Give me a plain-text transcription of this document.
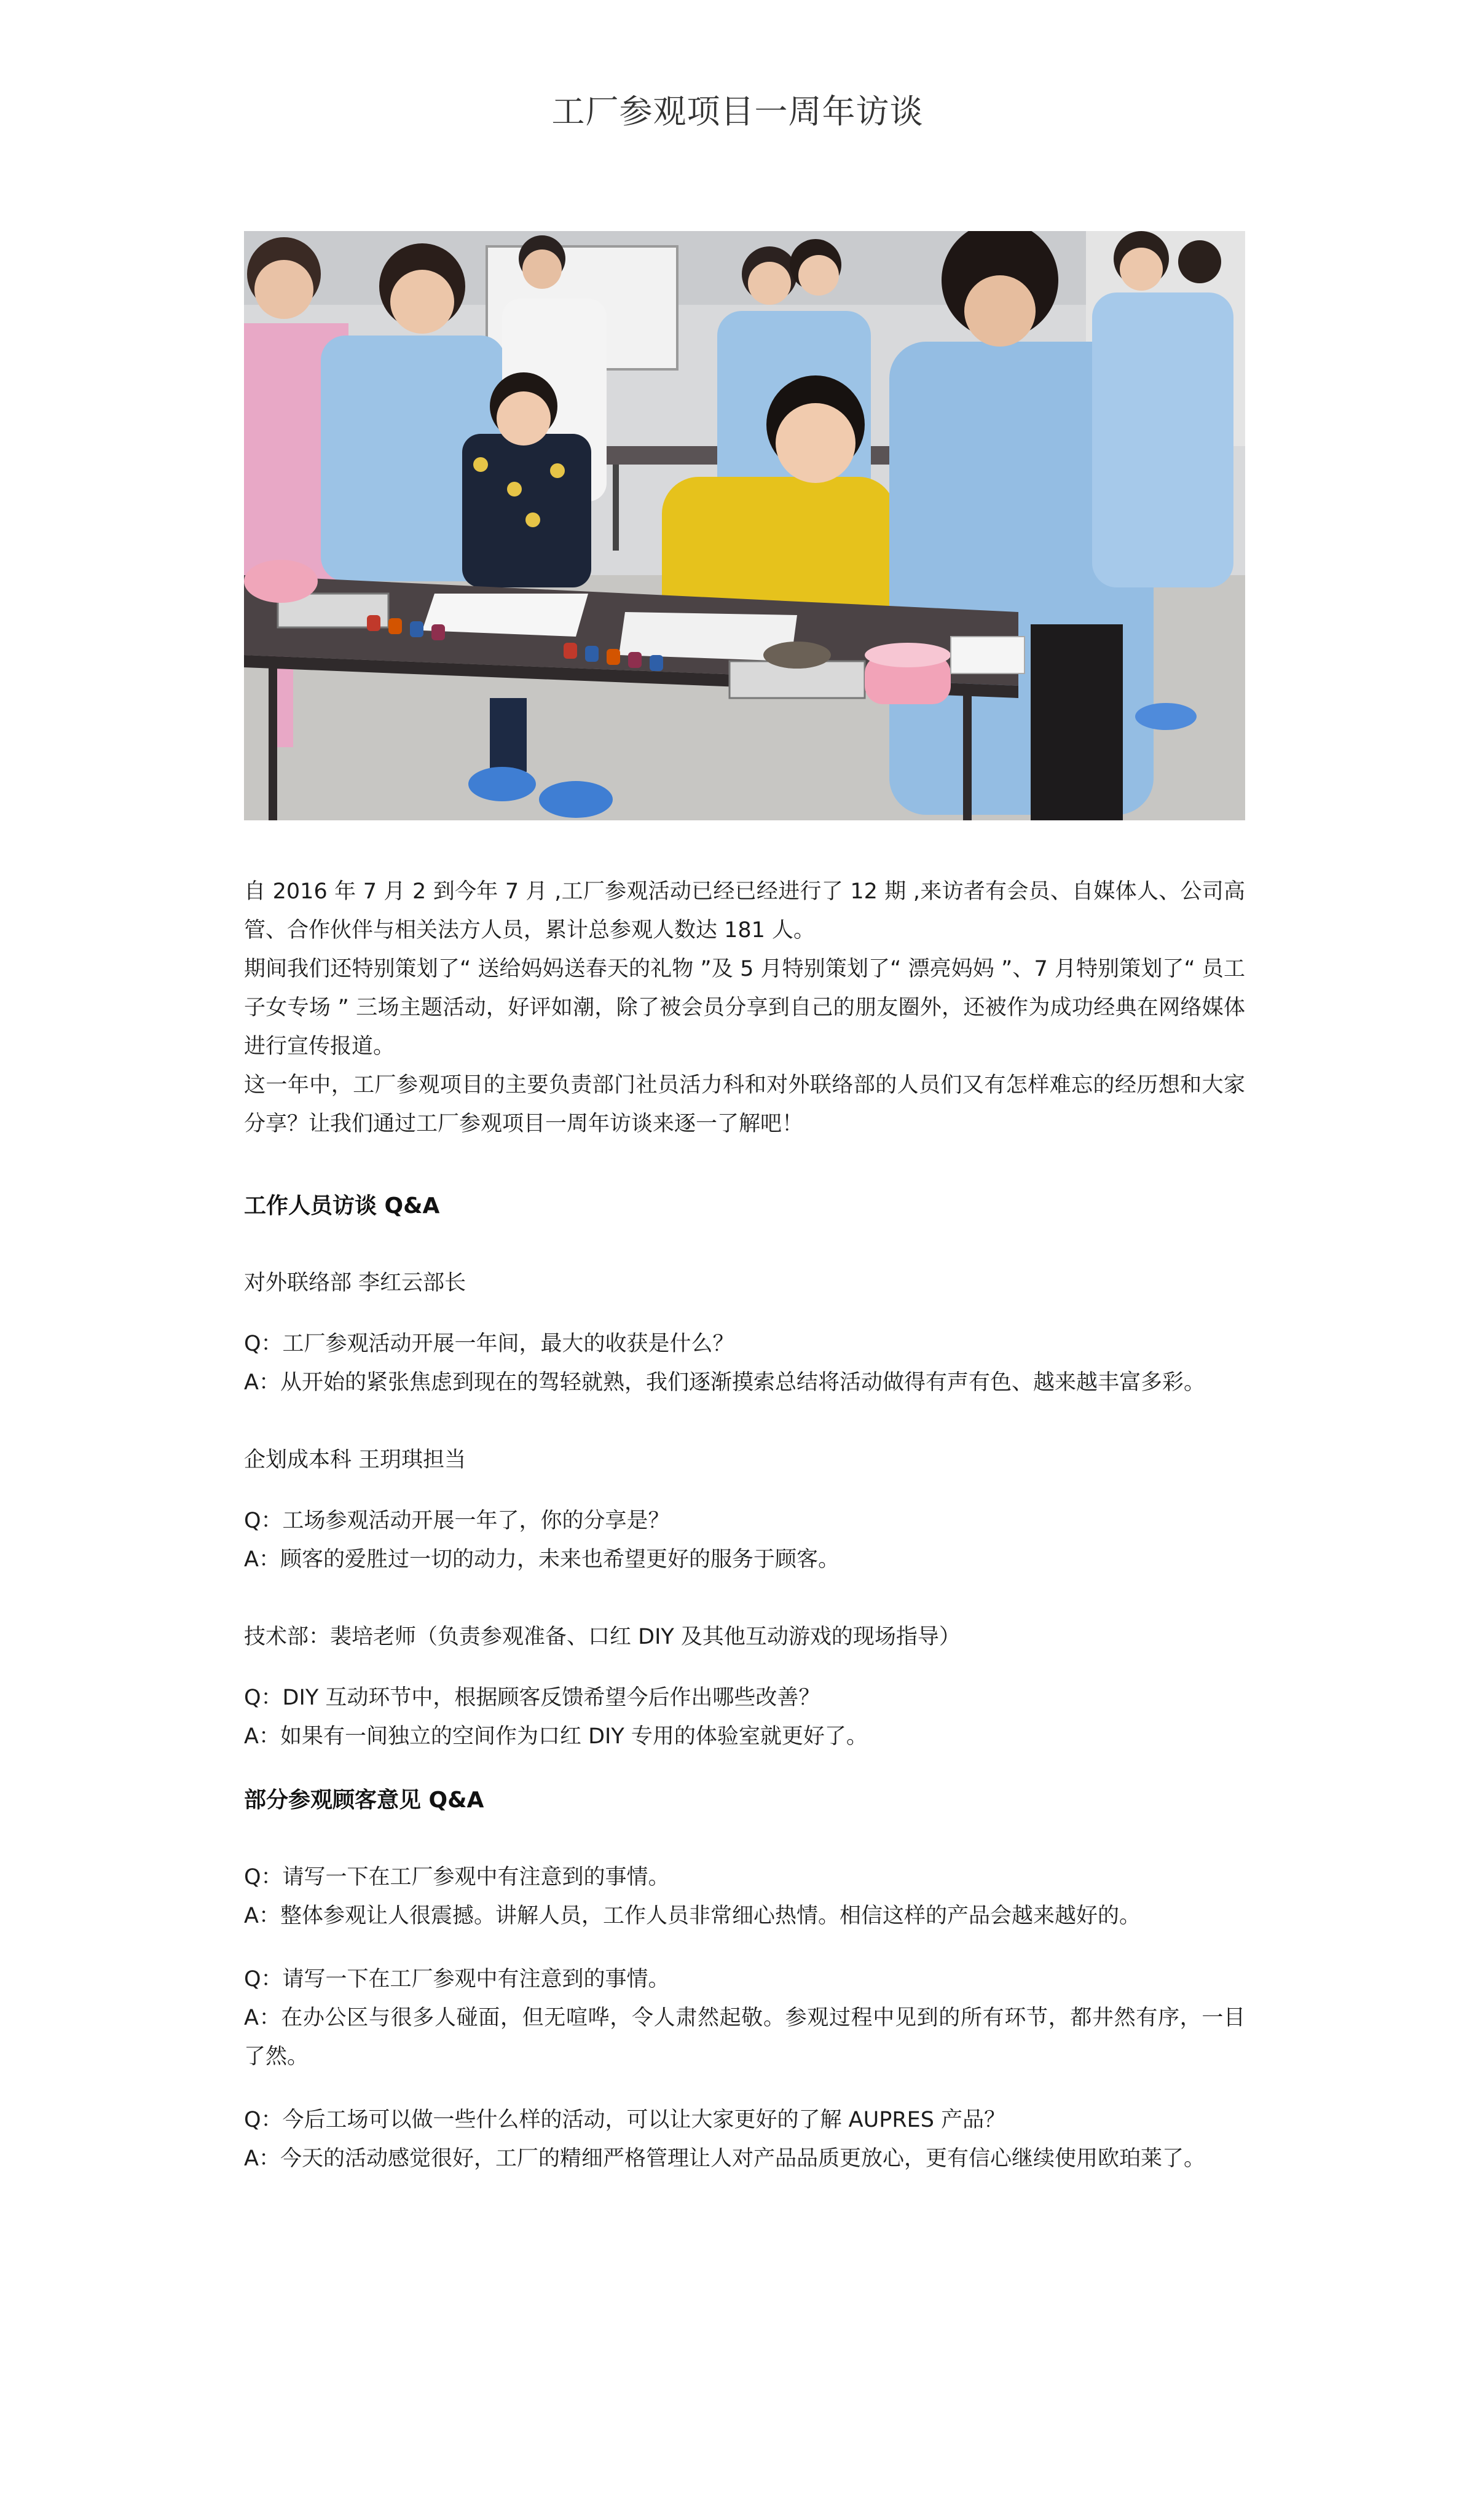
工厂参观项目一周年访谈

自 2016 年 7 月 2 到今年 7 月 ,工厂参观活动已经已经进行了 12 期 ,来访者有会员、自媒体人、公司高管、合作伙伴与相关法方人员，累计总参观人数达 181 人。

期间我们还特别策划了“ 送给妈妈送春天的礼物 ”及 5 月特别策划了“ 漂亮妈妈 ”、7 月特别策划了“ 员工子女专场 ” 三场主题活动，好评如潮，除了被会员分享到自己的朋友圈外，还被作为成功经典在网络媒体进行宣传报道。

这一年中，工厂参观项目的主要负责部门社员活力科和对外联络部的人员们又有怎样难忘的经历想和大家分享？让我们通过工厂参观项目一周年访谈来逐一了解吧！

工作人员访谈 Q&A
对外联络部 李红云部长

Q：工厂参观活动开展一年间，最大的收获是什么？

A：从开始的紧张焦虑到现在的驾轻就熟，我们逐渐摸索总结将活动做得有声有色、越来越丰富多彩。

企划成本科 王玥琪担当

Q：工场参观活动开展一年了，你的分享是？

A：顾客的爱胜过一切的动力，未来也希望更好的服务于顾客。

技术部：裴培老师（负责参观准备、口红 DIY 及其他互动游戏的现场指导）

Q：DIY 互动环节中，根据顾客反馈希望今后作出哪些改善？

A：如果有一间独立的空间作为口红 DIY 专用的体验室就更好了。

部分参观顾客意见 Q&A

Q：请写一下在工厂参观中有注意到的事情。

A：整体参观让人很震撼。讲解人员，工作人员非常细心热情。相信这样的产品会越来越好的。

Q：请写一下在工厂参观中有注意到的事情。

A：在办公区与很多人碰面，但无喧哗，令人肃然起敬。参观过程中见到的所有环节，都井然有序，一目了然。

Q：今后工场可以做一些什么样的活动，可以让大家更好的了解 AUPRES 产品？

A：今天的活动感觉很好，工厂的精细严格管理让人对产品品质更放心，更有信心继续使用欧珀莱了。
